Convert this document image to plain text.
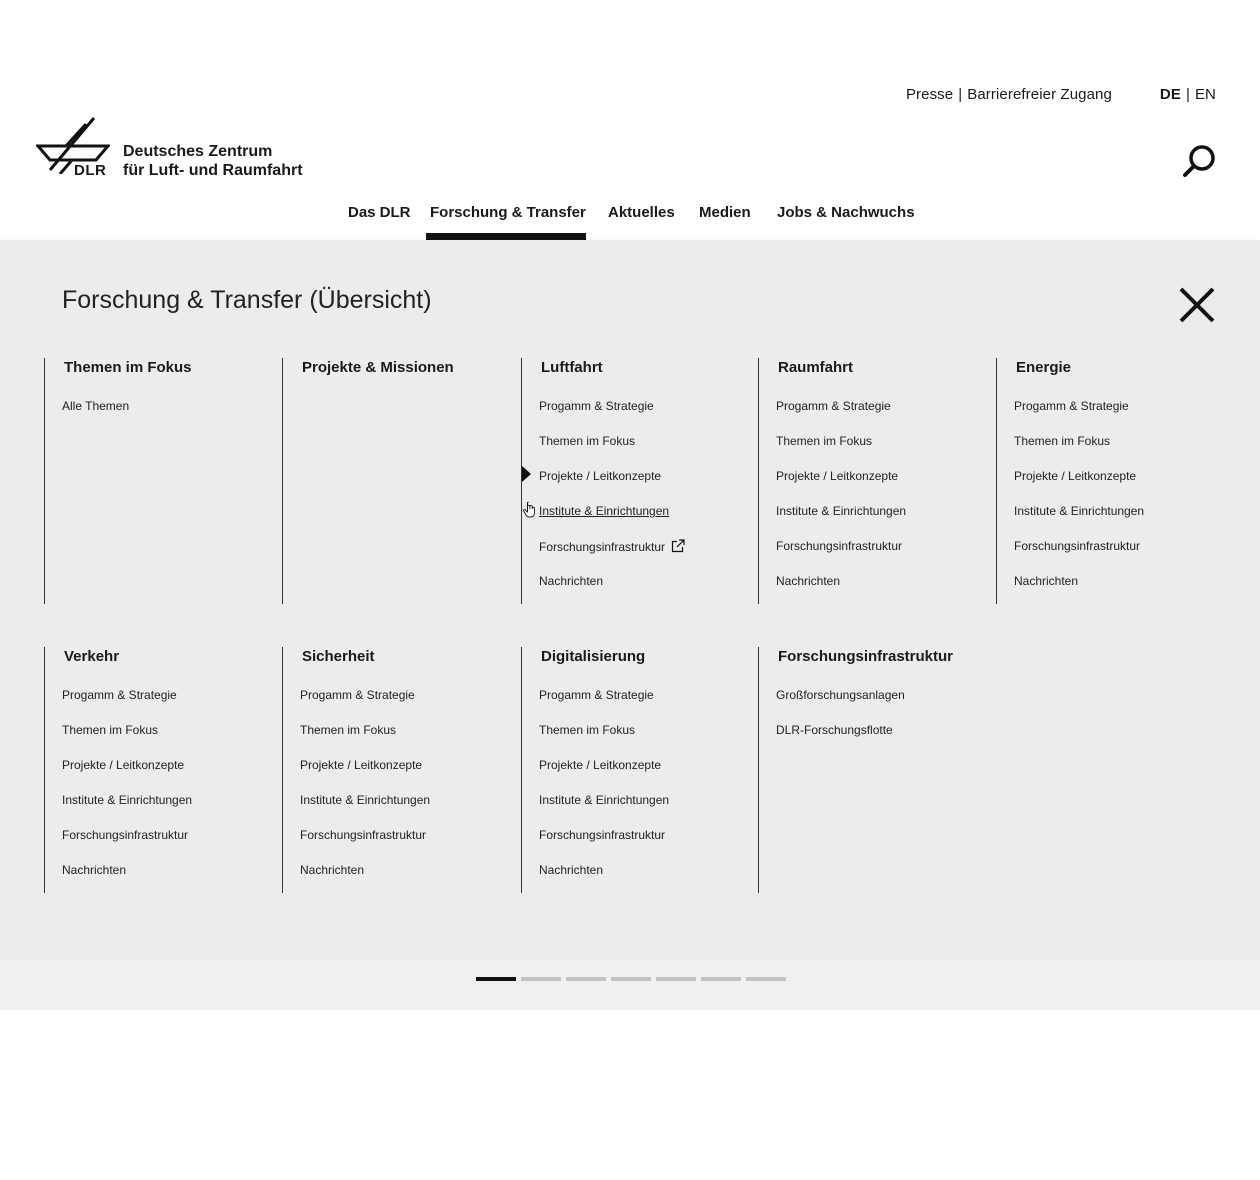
Presse | Barrierefreier Zugang	DE | EN
DLR
Deutsches Zentrum
für Luft- und Raumfahrt
Das DLR Forschung & Transfer Aktuelles Medien Jobs & Nachwuchs
Forschung & Transfer (Übersicht)
Themen im Fokus
Alle Themen
Projekte & Missionen	Luftfahrt
Progamm & Strategie
Themen im Fokus
Projekte / Leitkonzepte
Institute & Einrichtungen
Forschungsinfrastruktur
Nachrichten
Raumfahrt
Progamm & Strategie
Themen im Fokus
Projekte / Leitkonzepte
Institute & Einrichtungen
Forschungsinfrastruktur
Nachrichten
Energie
Progamm & Strategie
Themen im Fokus
Projekte / Leitkonzepte
Institute & Einrichtungen
Forschungsinfrastruktur
Nachrichten
Verkehr
Progamm & Strategie
Themen im Fokus
Projekte / Leitkonzepte
Institute & Einrichtungen
Forschungsinfrastruktur
Nachrichten
Sicherheit
Progamm & Strategie
Themen im Fokus
Projekte / Leitkonzepte
Institute & Einrichtungen
Forschungsinfrastruktur
Nachrichten
Digitalisierung
Progamm & Strategie
Themen im Fokus
Projekte / Leitkonzepte
Institute & Einrichtungen
Forschungsinfrastruktur
Nachrichten
Forschungsinfrastruktur
Großforschungsanlagen
DLR-Forschungsflotte
